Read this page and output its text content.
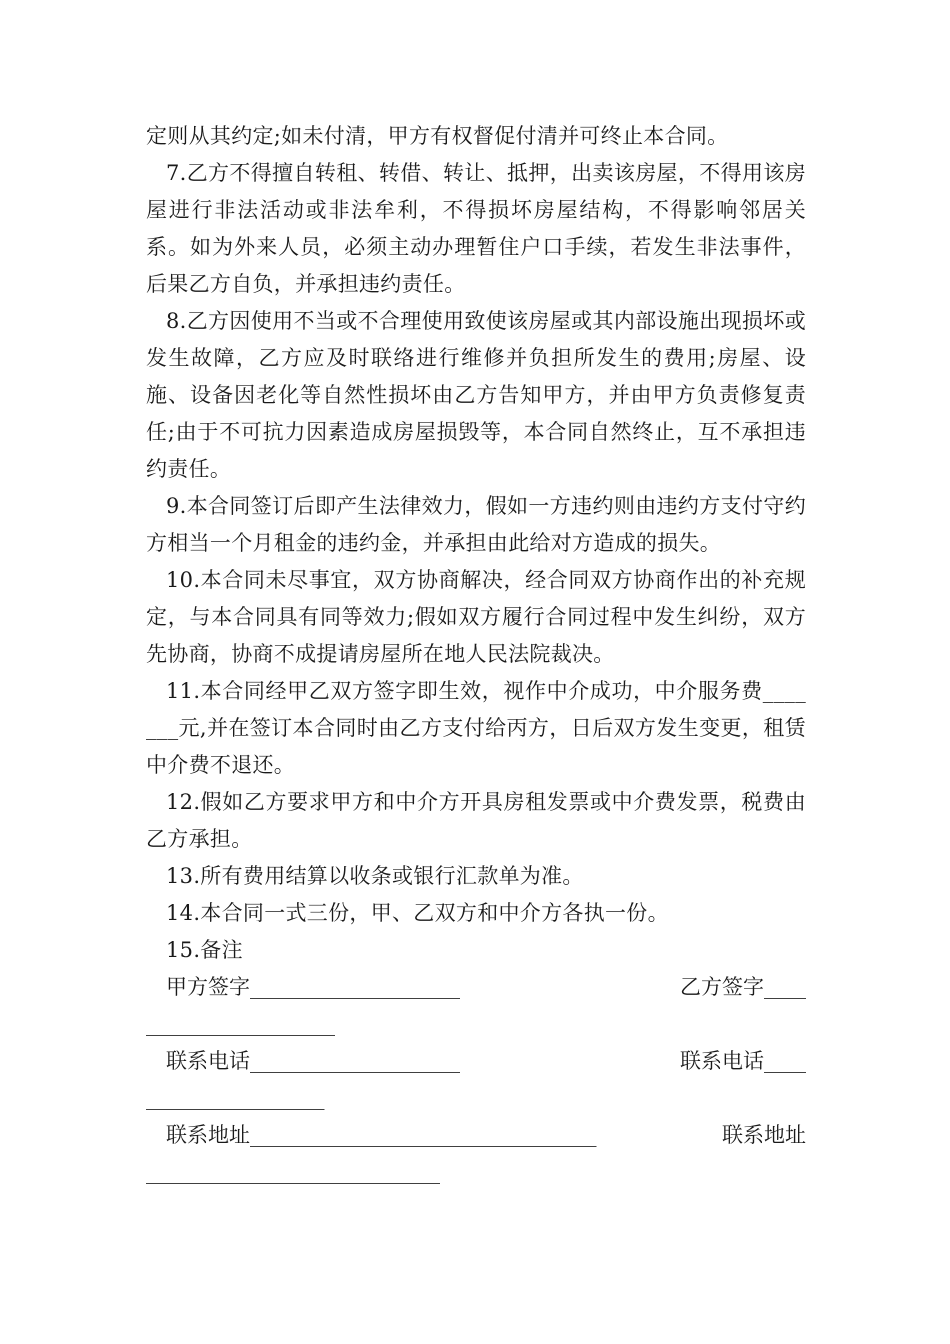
定则从其约定;如未付清，甲方有权督促付清并可终止本合同。

7.乙方不得擅自转租、转借、转让、抵押，出卖该房屋，不得用该房屋进行非法活动或非法牟利，不得损坏房屋结构，不得影响邻居关系。如为外来人员，必须主动办理暂住户口手续，若发生非法事件，后果乙方自负，并承担违约责任。

8.乙方因使用不当或不合理使用致使该房屋或其内部设施出现损坏或发生故障，乙方应及时联络进行维修并负担所发生的费用;房屋、设施、设备因老化等自然性损坏由乙方告知甲方，并由甲方负责修复责任;由于不可抗力因素造成房屋损毁等，本合同自然终止，互不承担违约责任。

9.本合同签订后即产生法律效力，假如一方违约则由违约方支付守约方相当一个月租金的违约金，并承担由此给对方造成的损失。

10.本合同未尽事宜，双方协商解决，经合同双方协商作出的补充规定，与本合同具有同等效力;假如双方履行合同过程中发生纠纷，双方先协商，协商不成提请房屋所在地人民法院裁决。

11.本合同经甲乙双方签字即生效，视作中介成功，中介服务费_______元,并在签订本合同时由乙方支付给丙方，日后双方发生变更，租赁中介费不退还。

12.假如乙方要求甲方和中介方开具房租发票或中介费发票，税费由乙方承担。

13.所有费用结算以收条或银行汇款单为准。

14.本合同一式三份，甲、乙双方和中介方各执一份。

15.备注

甲方签字____________________	乙方签字____
__________________
联系电话____________________	联系电话____
_________________
联系地址_________________________________	联系地址
____________________________
